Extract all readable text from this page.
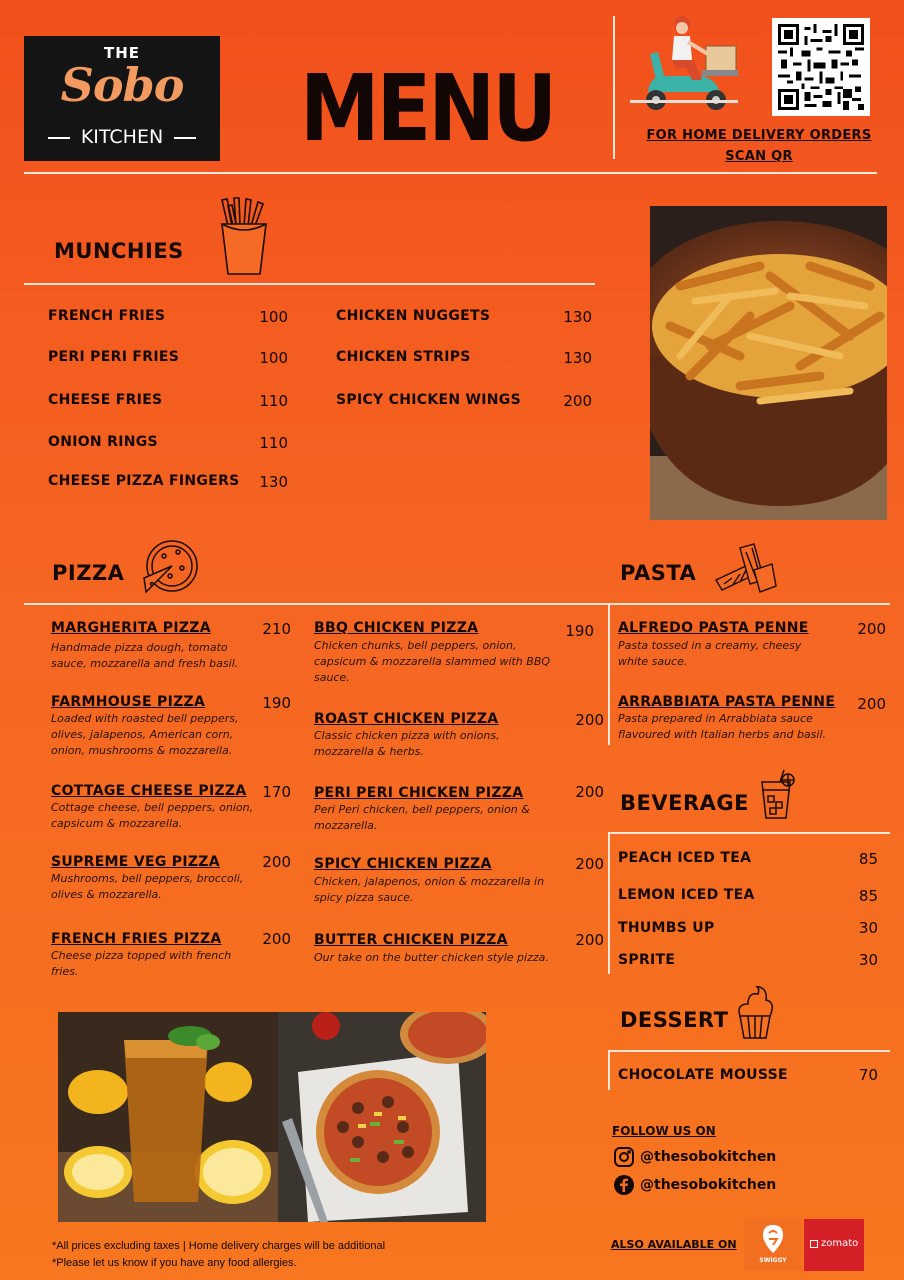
THE
Sobo
KITCHEN	MENU	FOR HOME DELIVERY ORDERS
SCAN QR
MUNCHIES
FRENCH FRIES	100
PERI PERI FRIES	100
CHEESE FRIES	110
ONION RINGS	110
CHEESE PIZZA FINGERS	130
CHICKEN NUGGETS	130
CHICKEN STRIPS	130
SPICY CHICKEN WINGS	200
PIZZA
MARGHERITA PIZZA	210
Handmade pizza dough, tomato sauce, mozzarella and fresh basil.
FARMHOUSE PIZZA	190
Loaded with roasted bell peppers, olives, jalapenos, American corn, onion, mushrooms & mozzarella.
COTTAGE CHEESE PIZZA	170
Cottage cheese, bell peppers, onion, capsicum & mozzarella.
SUPREME VEG PIZZA	200
Mushrooms, bell peppers, broccoli, olives & mozzarella.
FRENCH FRIES PIZZA	200
Cheese pizza topped with french fries.
BBQ CHICKEN PIZZA	190
Chicken chunks, bell peppers, onion, capsicum & mozzarella slammed with BBQ sauce.
ROAST CHICKEN PIZZA	200
Classic chicken pizza with onions, mozzarella & herbs.
PERI PERI CHICKEN PIZZA	200
Peri Peri chicken, bell peppers, onion & mozzarella.
SPICY CHICKEN PIZZA	200
Chicken, jalapenos, onion & mozzarella in spicy pizza sauce.
BUTTER CHICKEN PIZZA	200
Our take on the butter chicken style pizza.
PASTA
ALFREDO PASTA PENNE	200
Pasta tossed in a creamy, cheesy white sauce.
ARRABBIATA PASTA PENNE	200
Pasta prepared in Arrabbiata sauce flavoured with Italian herbs and basil.
BEVERAGE
PEACH ICED TEA	85
LEMON ICED TEA	85
THUMBS UP	30
SPRITE	30
DESSERT
CHOCOLATE MOUSSE	70
FOLLOW US ON
@thesobokitchen
@thesobokitchen
*All prices excluding taxes | Home delivery charges will be additional
*Please let us know if you have any food allergies.
ALSO AVAILABLE ON
SWIGGY
zomato
